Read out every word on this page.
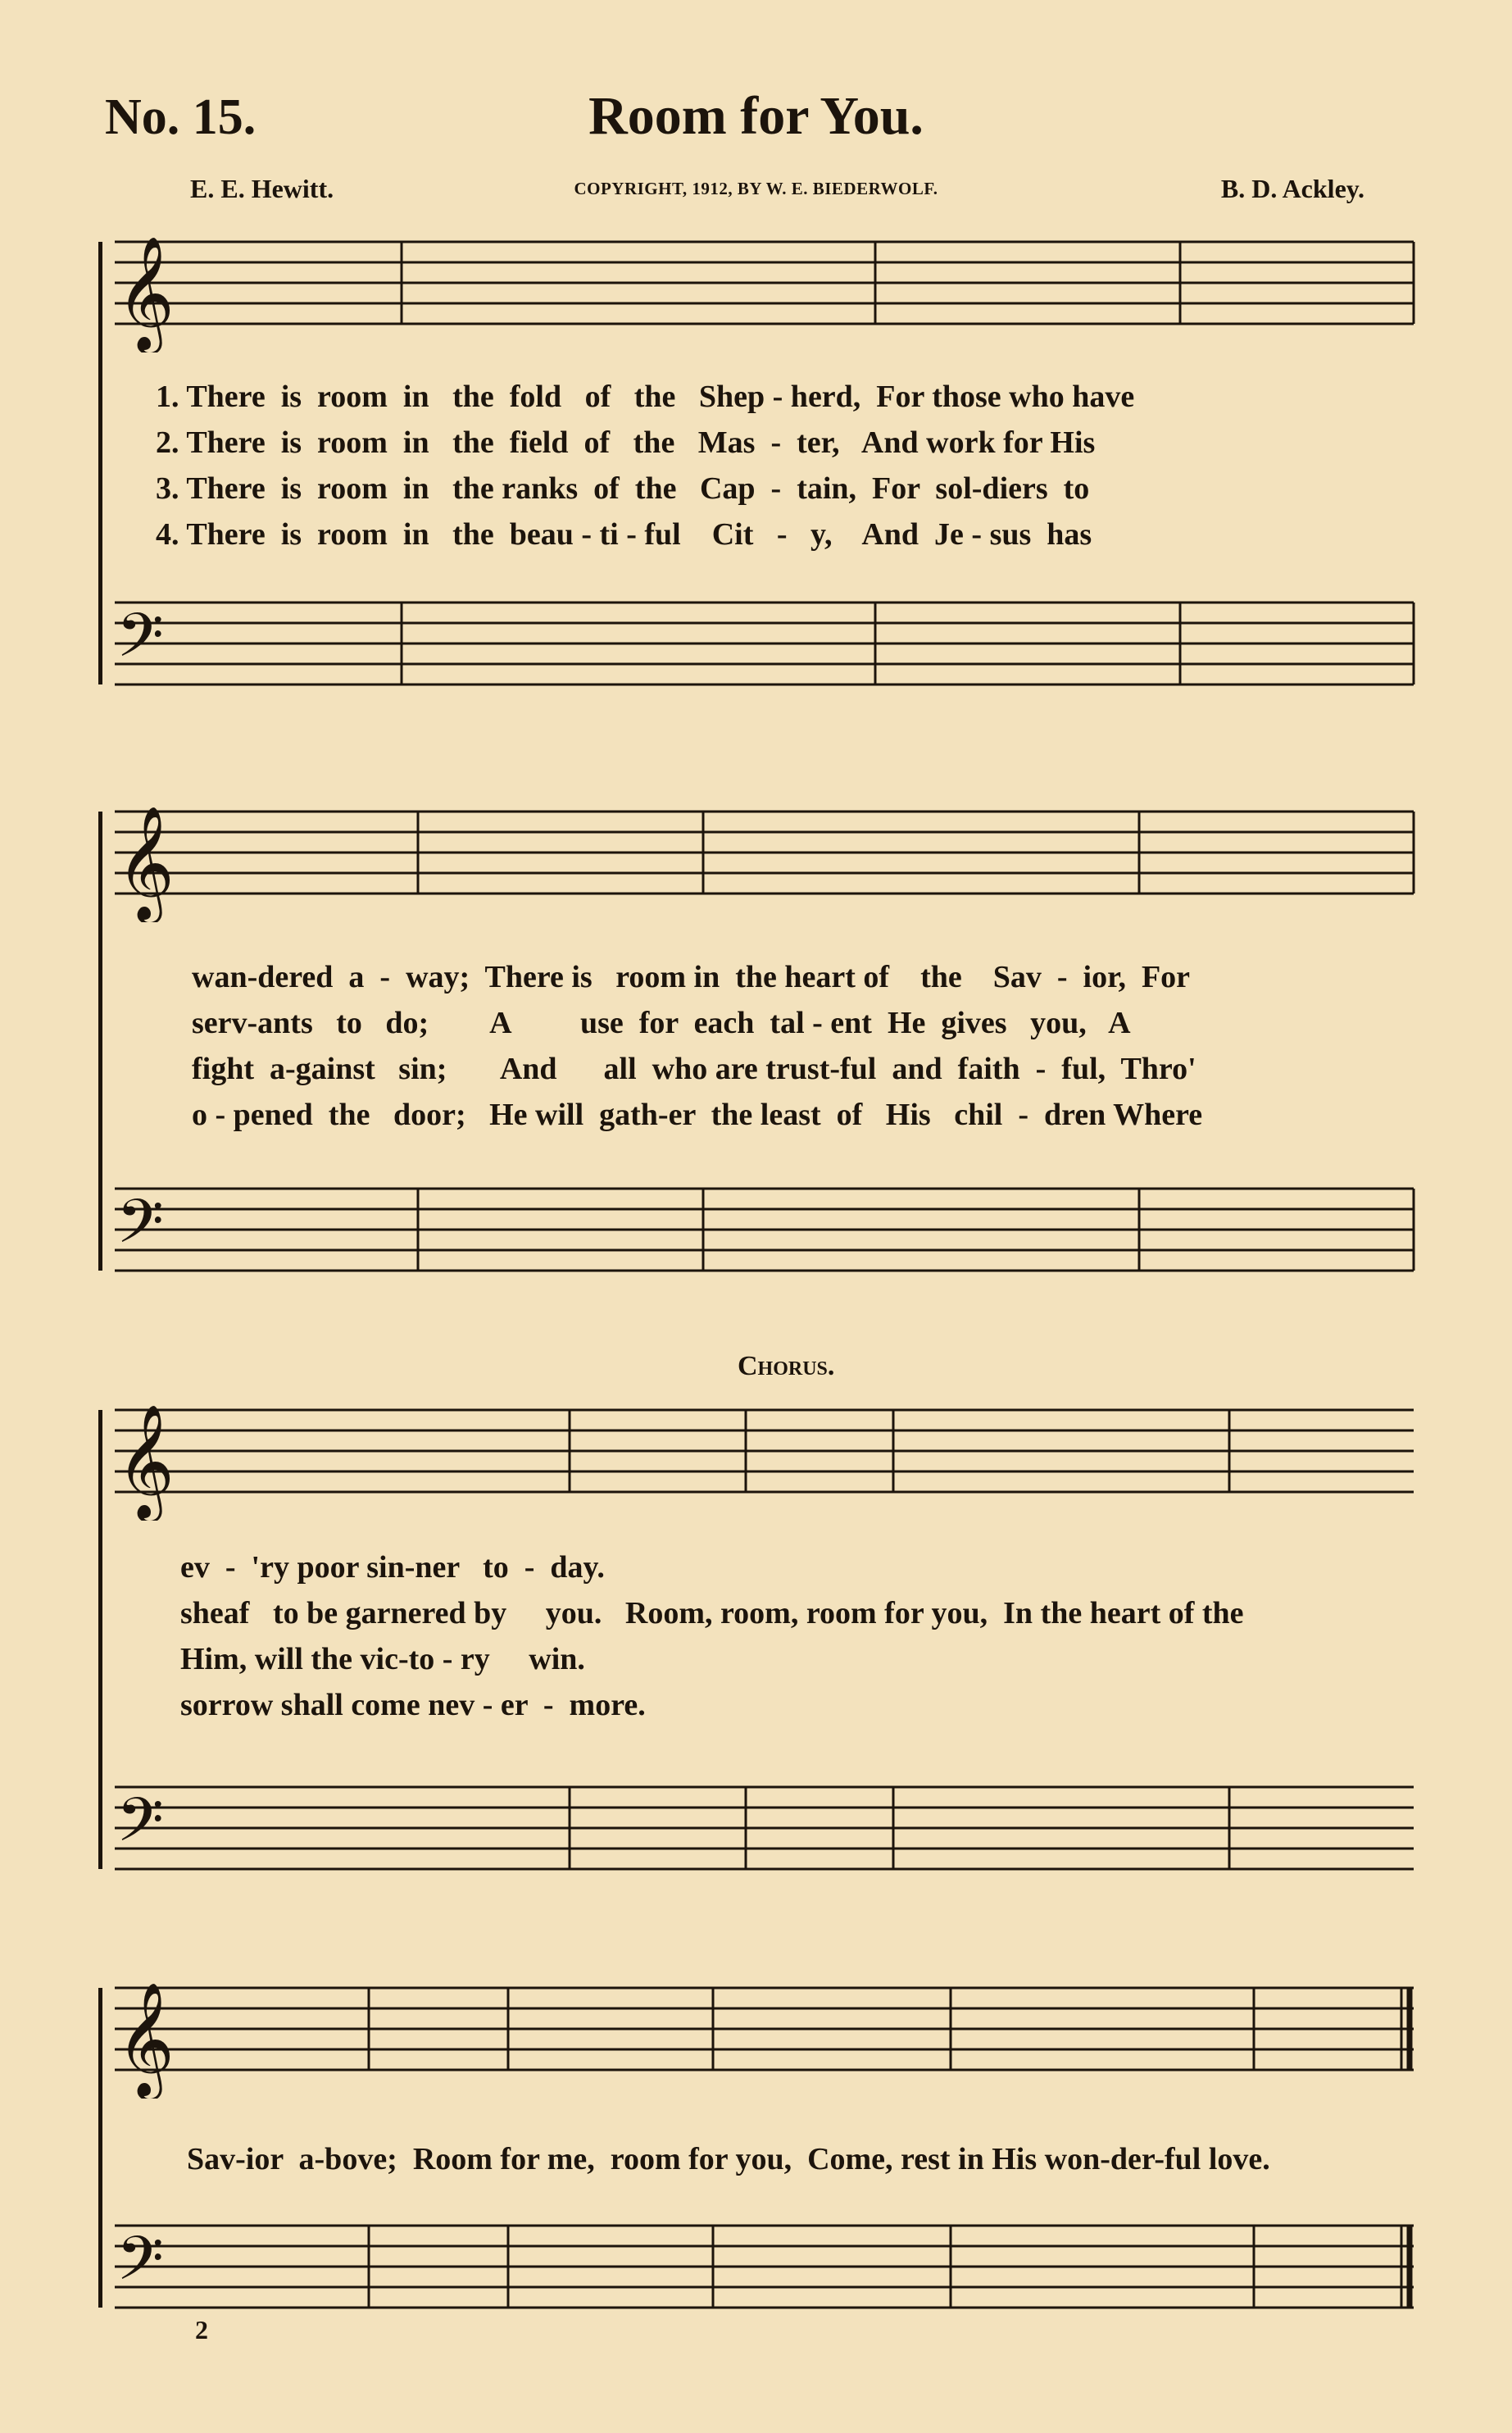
No. 15.	Room for You.
E. E. Hewitt.	COPYRIGHT, 1912, BY W. E. BIEDERWOLF.	B. D. Ackley.
𝄞
𝄢
1. There  is  room  in   the  fold   of   the   Shep - herd,  For those who have
2. There  is  room  in   the  field  of   the   Mas  -  ter,   And work for His
3. There  is  room  in   the ranks  of  the   Cap  -  tain,  For  sol-diers  to
4. There  is  room  in   the  beau - ti - ful    Cit   -   y,    And  Je - sus  has
𝄞
𝄢
wan-dered  a  -  way;  There is   room in  the heart of    the    Sav  -  ior,  For
serv-ants   to   do;        A         use  for  each  tal - ent  He  gives   you,   A
fight  a-gainst   sin;       And      all  who are trust-ful  and  faith  -  ful,  Thro'
o - pened  the   door;   He will  gath-er  the least  of   His   chil  -  dren Where
Chorus.
𝄞
𝄢
ev  -  'ry poor sin-ner   to  -  day.
sheaf   to be garnered by     you.   Room, room, room for you,  In the heart of the
Him, will the vic-to - ry     win.
sorrow shall come nev - er  -  more.
𝄞
𝄢
Sav-ior  a-bove;  Room for me,  room for you,  Come, rest in His won-der-ful love.
2
